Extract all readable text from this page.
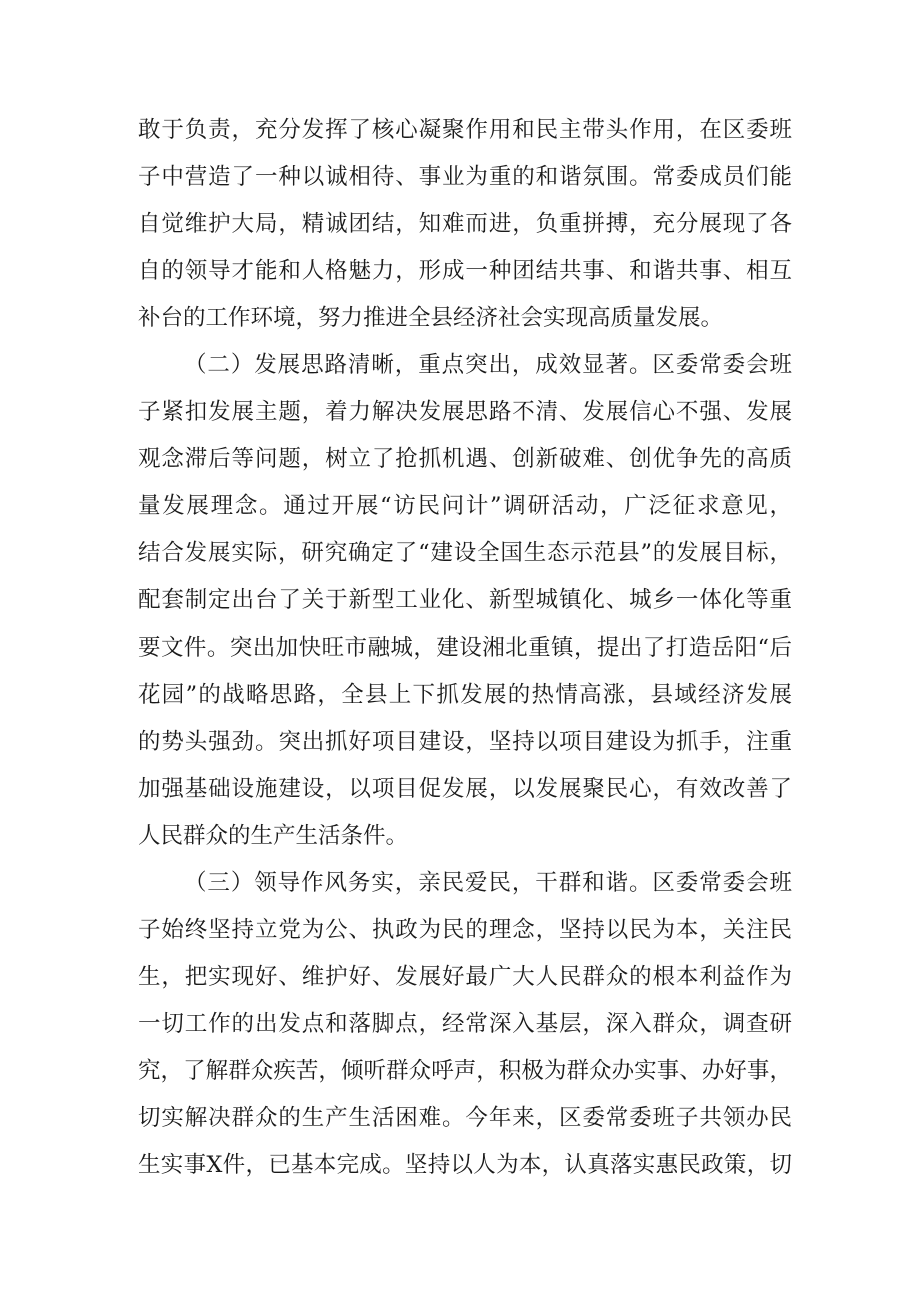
敢于负责，充分发挥了核心凝聚作用和民主带头作用，在区委班
子中营造了一种以诚相待、事业为重的和谐氛围。常委成员们能
自觉维护大局，精诚团结，知难而进，负重拼搏，充分展现了各
自的领导才能和人格魅力，形成一种团结共事、和谐共事、相互
补台的工作环境，努力推进全县经济社会实现高质量发展。
（二）发展思路清晰，重点突出，成效显著。区委常委会班
子紧扣发展主题，着力解决发展思路不清、发展信心不强、发展
观念滞后等问题，树立了抢抓机遇、创新破难、创优争先的高质
量发展理念。通过开展“访民问计”调研活动，广泛征求意见，
结合发展实际，研究确定了“建设全国生态示范县”的发展目标，
配套制定出台了关于新型工业化、新型城镇化、城乡一体化等重
要文件。突出加快旺市融城，建设湘北重镇，提出了打造岳阳“后
花园”的战略思路，全县上下抓发展的热情高涨，县域经济发展
的势头强劲。突出抓好项目建设，坚持以项目建设为抓手，注重
加强基础设施建设，以项目促发展，以发展聚民心，有效改善了
人民群众的生产生活条件。
（三）领导作风务实，亲民爱民，干群和谐。区委常委会班
子始终坚持立党为公、执政为民的理念，坚持以民为本，关注民
生，把实现好、维护好、发展好最广大人民群众的根本利益作为
一切工作的出发点和落脚点，经常深入基层，深入群众，调查研
究，了解群众疾苦，倾听群众呼声，积极为群众办实事、办好事，
切实解决群众的生产生活困难。今年来，区委常委班子共领办民
生实事X件，已基本完成。坚持以人为本，认真落实惠民政策，切
